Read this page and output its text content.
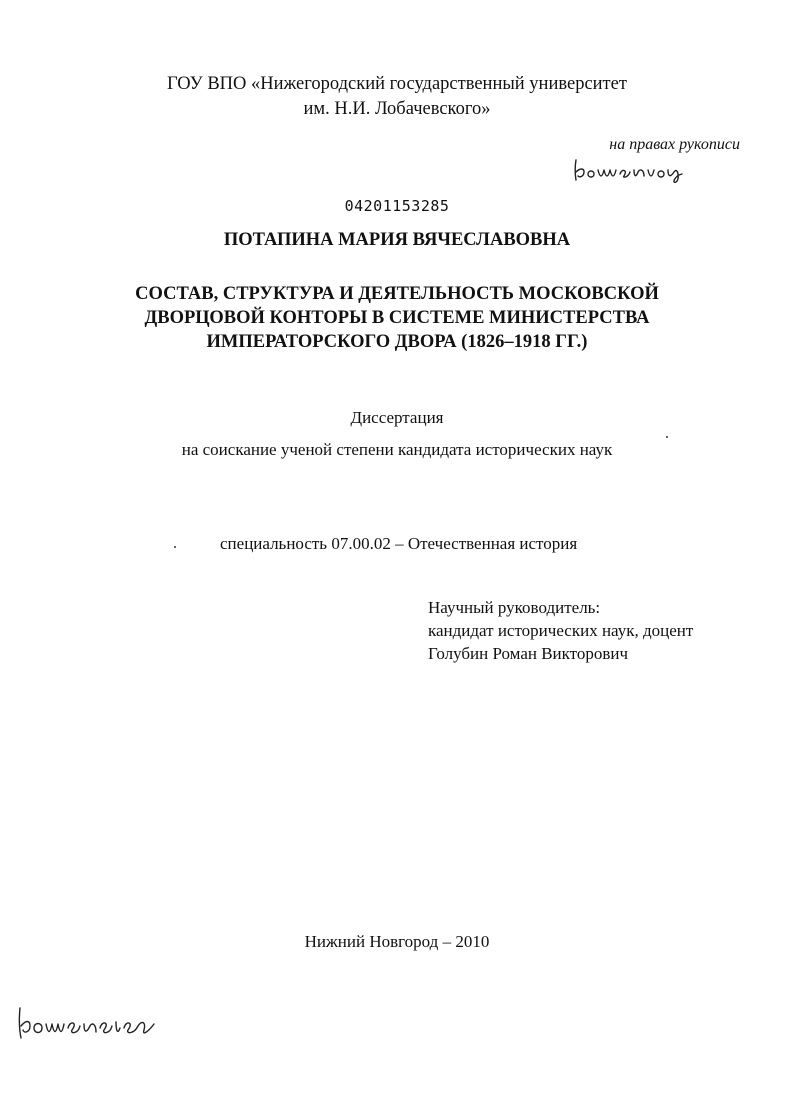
ГОУ ВПО «Нижегородский государственный университет
им. Н.И. Лобачевского»
на правах рукописи
04201153285
ПОТАПИНА МАРИЯ ВЯЧЕСЛАВОВНА
СОСТАВ, СТРУКТУРА И ДЕЯТЕЛЬНОСТЬ МОСКОВСКОЙ
ДВОРЦОВОЙ КОНТОРЫ В СИСТЕМЕ МИНИСТЕРСТВА
ИМПЕРАТОРСКОГО ДВОРА (1826–1918 ГГ.)
Диссертация
на соискание ученой степени кандидата исторических наук
специальность 07.00.02 – Отечественная история
Научный руководитель:
кандидат исторических наук, доцент
Голубин Роман Викторович
Нижний Новгород – 2010
